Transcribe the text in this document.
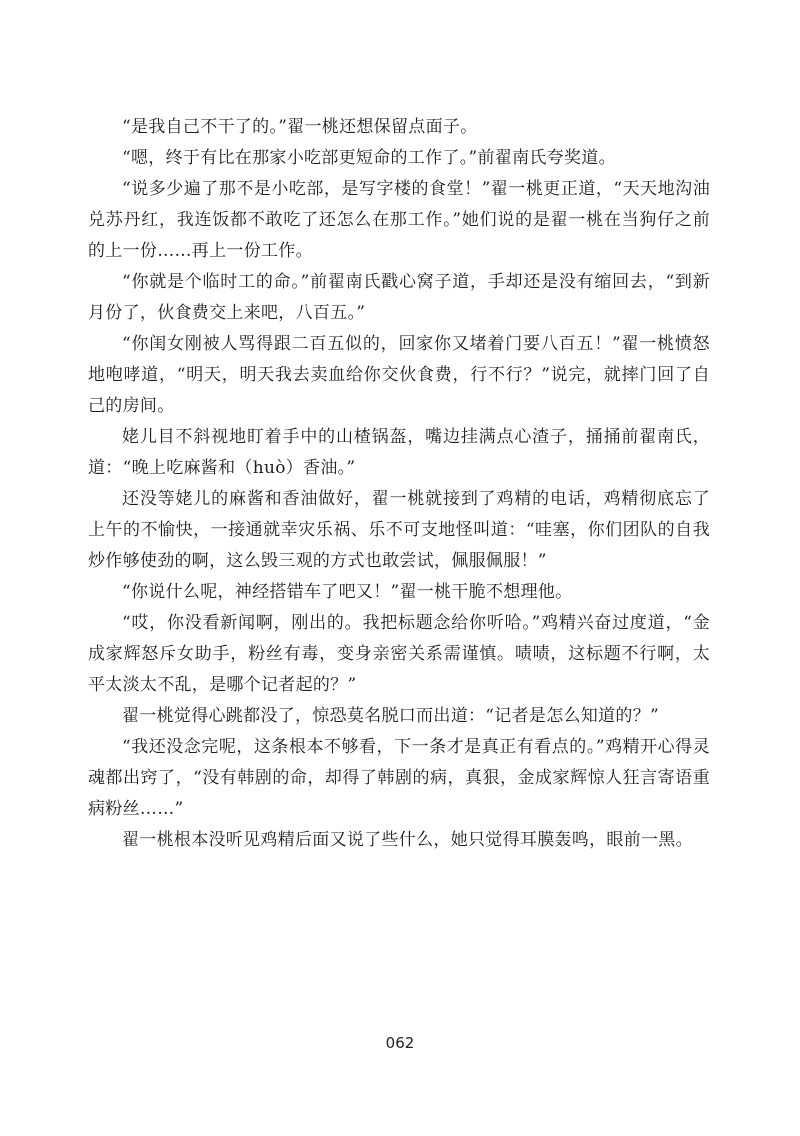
“是我自己不干了的。”翟一桃还想保留点面子。

“嗯，终于有比在那家小吃部更短命的工作了。”前翟南氏夸奖道。

“说多少遍了那不是小吃部，是写字楼的食堂！”翟一桃更正道，“天天地沟油兑苏丹红，我连饭都不敢吃了还怎么在那工作。”她们说的是翟一桃在当狗仔之前的上一份……再上一份工作。

“你就是个临时工的命。”前翟南氏戳心窝子道，手却还是没有缩回去，“到新月份了，伙食费交上来吧，八百五。”

“你闺女刚被人骂得跟二百五似的，回家你又堵着门要八百五！”翟一桃愤怒地咆哮道，“明天，明天我去卖血给你交伙食费，行不行？”说完，就摔门回了自己的房间。

姥儿目不斜视地盯着手中的山楂锅盔，嘴边挂满点心渣子，捅捅前翟南氏，道：“晚上吃麻酱和（huò）香油。”

还没等姥儿的麻酱和香油做好，翟一桃就接到了鸡精的电话，鸡精彻底忘了上午的不愉快，一接通就幸灾乐祸、乐不可支地怪叫道：“哇塞，你们团队的自我炒作够使劲的啊，这么毁三观的方式也敢尝试，佩服佩服！”

“你说什么呢，神经搭错车了吧又！”翟一桃干脆不想理他。

“哎，你没看新闻啊，刚出的。我把标题念给你听哈。”鸡精兴奋过度道，“金成家辉怒斥女助手，粉丝有毒，变身亲密关系需谨慎。啧啧，这标题不行啊，太平太淡太不乱，是哪个记者起的？”

翟一桃觉得心跳都没了，惊恐莫名脱口而出道：“记者是怎么知道的？”

“我还没念完呢，这条根本不够看，下一条才是真正有看点的。”鸡精开心得灵魂都出窍了，“没有韩剧的命，却得了韩剧的病，真狠，金成家辉惊人狂言寄语重病粉丝……”

翟一桃根本没听见鸡精后面又说了些什么，她只觉得耳膜轰鸣，眼前一黑。

062
